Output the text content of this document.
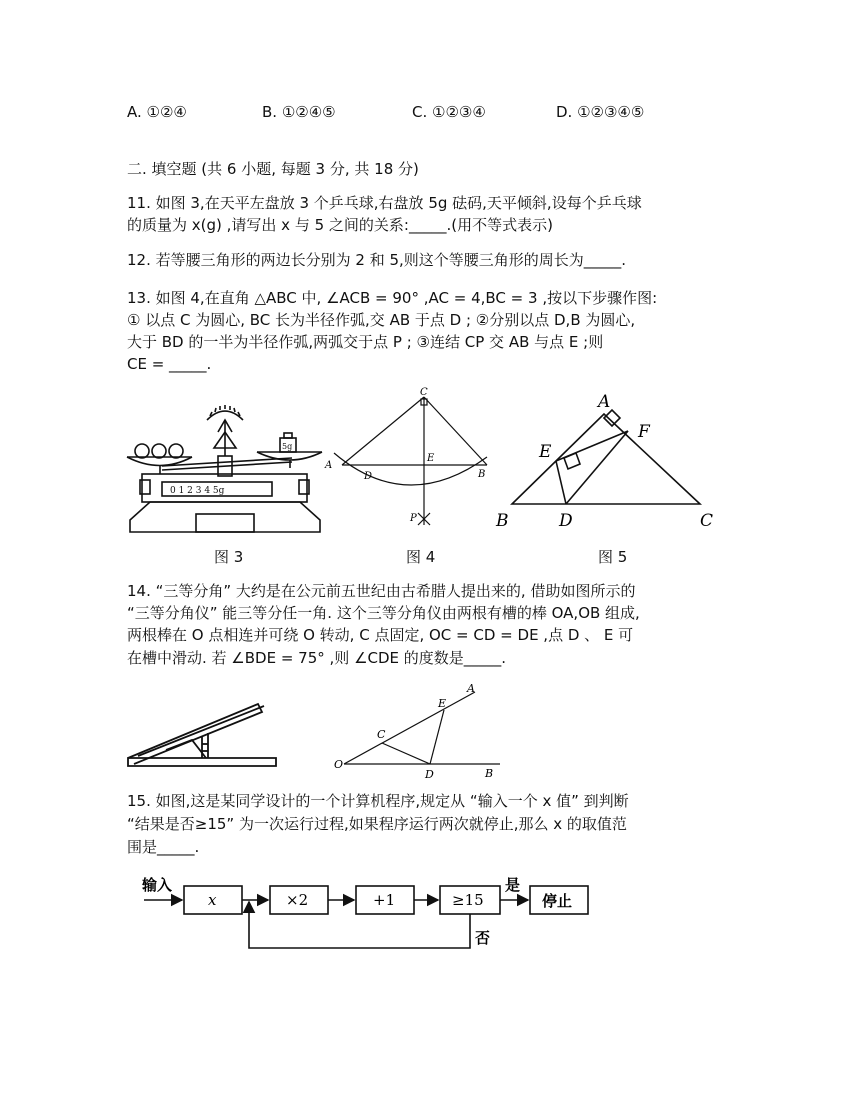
A. ①②④	B. ①②④⑤	C. ①②③④	D. ①②③④⑤
二. 填空题 (共 6 小题, 每题 3 分, 共 18 分)
11. 如图 3,在天平左盘放 3 个乒乓球,右盘放 5g 砝码,天平倾斜,设每个乒乓球
的质量为 x(g) ,请写出 x 与 5 之间的关系:_____.(用不等式表示)
12. 若等腰三角形的两边长分别为 2 和 5,则这个等腰三角形的周长为_____.
13. 如图 4,在直角 △ABC 中, ∠ACB = 90° ,AC = 4,BC = 3 ,按以下步骤作图:
① 以点 C 为圆心, BC 长为半径作弧,交 AB 于点 D ; ②分别以点 D,B 为圆心,
大于 BD 的一半为半径作弧,两弧交于点 P ; ③连结 CP 交 AB 与点 E ;则
CE = _____.
5g
0 1 2 3 4 5g
C
A
B
D
E
P
A
B	C
D
E
F
图 3	图 4	图 5
14. “三等分角” 大约是在公元前五世纪由古希腊人提出来的, 借助如图所示的
“三等分角仪” 能三等分任一角. 这个三等分角仪由两根有槽的棒 OA,OB 组成,
两根棒在 O 点相连并可绕 O 转动, C 点固定, OC = CD = DE ,点 D 、 E 可
在槽中滑动. 若 ∠BDE = 75° ,则 ∠CDE 的度数是_____.
O
A
B
C
D
E
15. 如图,这是某同学设计的一个计算机程序,规定从 “输入一个 x 值” 到判断
“结果是否≥15” 为一次运行过程,如果程序运行两次就停止,那么 x 的取值范
围是_____.
输入
x	×2	+1	≥15
是
停止
否
